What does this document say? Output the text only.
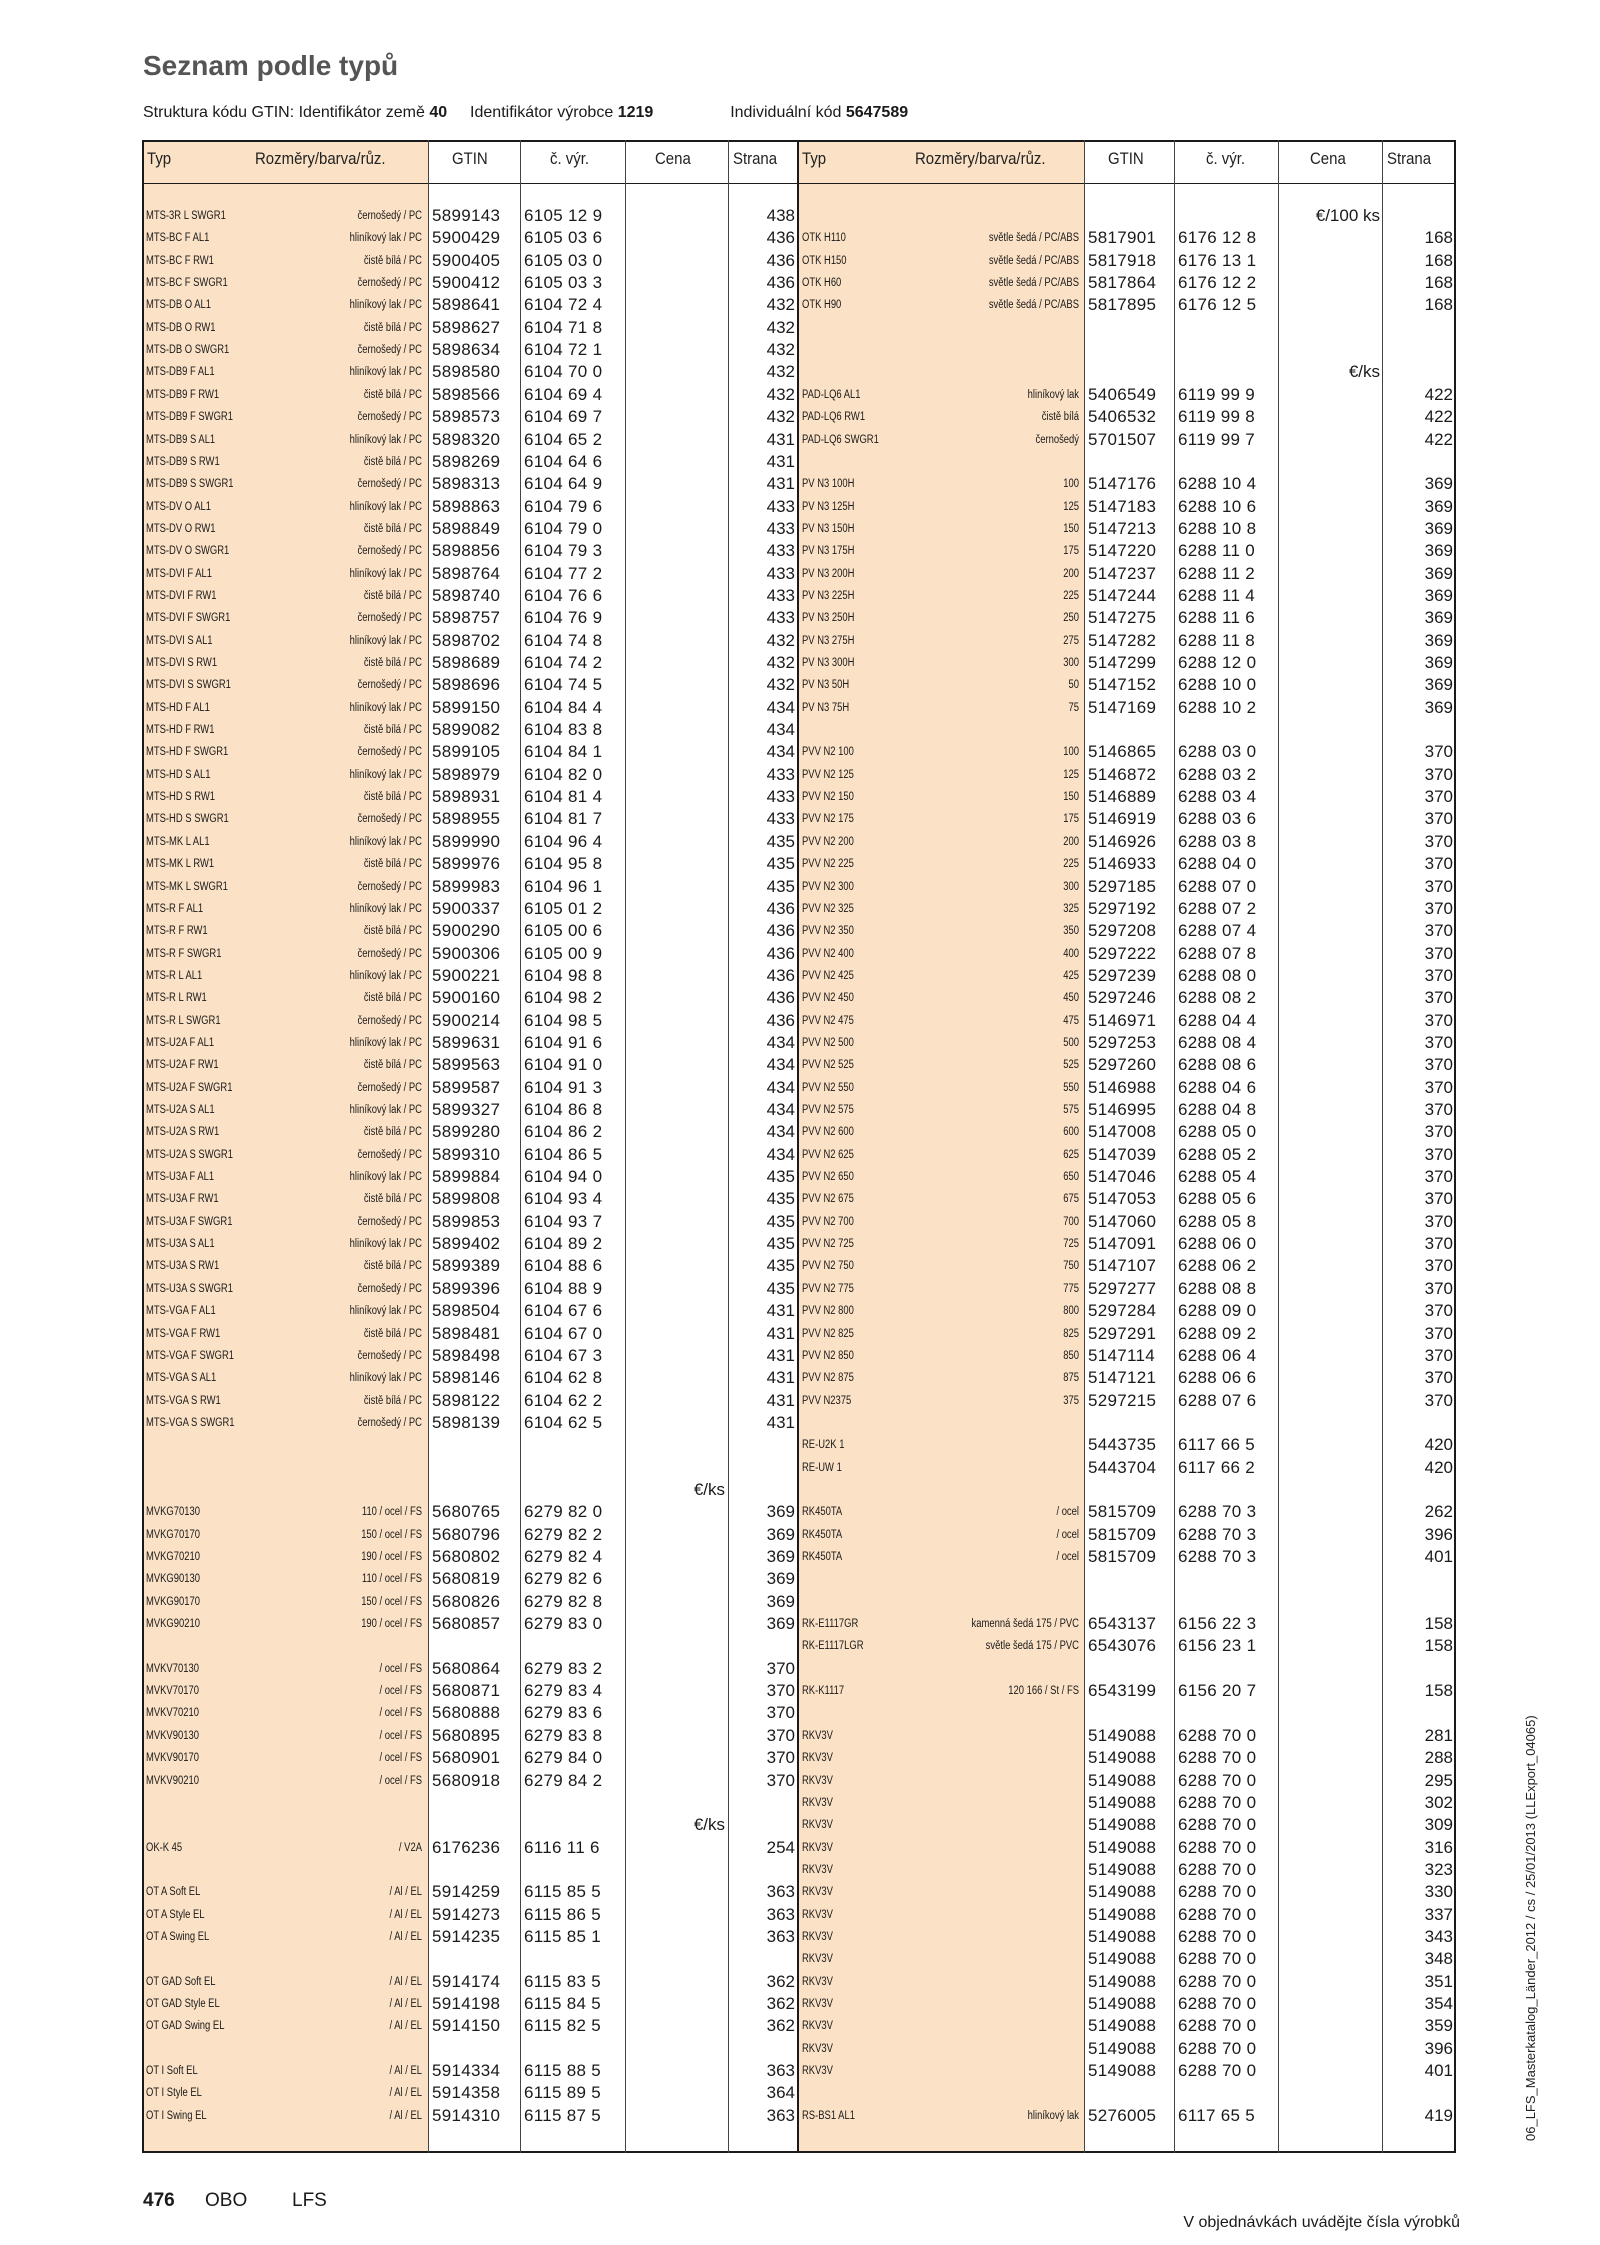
Seznam podle typů
Struktura kódu GTIN: Identifikátor země 40 Identifikátor výrobce 1219	Individuální kód 5647589
Typ	Rozměry/barva/růz.	GTIN	č. výr.	Cena Strana Typ	Rozměry/barva/růz.	GTIN	č. výr.	Cena Strana
MTS-3R L SWGR1	černošedý / PC 5899143	6105 12 9	438
MTS-BC F AL1	hliníkový lak / PC 5900429	6105 03 6	436
MTS-BC F RW1	čistě bílá / PC 5900405	6105 03 0	436
MTS-BC F SWGR1	černošedý / PC 5900412	6105 03 3	436
MTS-DB O AL1	hliníkový lak / PC 5898641	6104 72 4	432
MTS-DB O RW1	čistě bílá / PC 5898627	6104 71 8	432
MTS-DB O SWGR1	černošedý / PC 5898634	6104 72 1	432
MTS-DB9 F AL1	hliníkový lak / PC 5898580	6104 70 0	432
MTS-DB9 F RW1	čistě bílá / PC 5898566	6104 69 4	432
MTS-DB9 F SWGR1	černošedý / PC 5898573	6104 69 7	432
MTS-DB9 S AL1	hliníkový lak / PC 5898320	6104 65 2	431
MTS-DB9 S RW1	čistě bílá / PC 5898269	6104 64 6	431
MTS-DB9 S SWGR1	černošedý / PC 5898313	6104 64 9	431
MTS-DV O AL1	hliníkový lak / PC 5898863	6104 79 6	433
MTS-DV O RW1	čistě bílá / PC 5898849	6104 79 0	433
MTS-DV O SWGR1	černošedý / PC 5898856	6104 79 3	433
MTS-DVI F AL1	hliníkový lak / PC 5898764	6104 77 2	433
MTS-DVI F RW1	čistě bílá / PC 5898740	6104 76 6	433
MTS-DVI F SWGR1	černošedý / PC 5898757	6104 76 9	433
MTS-DVI S AL1	hliníkový lak / PC 5898702	6104 74 8	432
MTS-DVI S RW1	čistě bílá / PC 5898689	6104 74 2	432
MTS-DVI S SWGR1	černošedý / PC 5898696	6104 74 5	432
MTS-HD F AL1	hliníkový lak / PC 5899150	6104 84 4	434
MTS-HD F RW1	čistě bílá / PC 5899082	6104 83 8	434
MTS-HD F SWGR1	černošedý / PC 5899105	6104 84 1	434
MTS-HD S AL1	hliníkový lak / PC 5898979	6104 82 0	433
MTS-HD S RW1	čistě bílá / PC 5898931	6104 81 4	433
MTS-HD S SWGR1	černošedý / PC 5898955	6104 81 7	433
MTS-MK L AL1	hliníkový lak / PC 5899990	6104 96 4	435
MTS-MK L RW1	čistě bílá / PC 5899976	6104 95 8	435
MTS-MK L SWGR1	černošedý / PC 5899983	6104 96 1	435
MTS-R F AL1	hliníkový lak / PC 5900337	6105 01 2	436
MTS-R F RW1	čistě bílá / PC 5900290	6105 00 6	436
MTS-R F SWGR1	černošedý / PC 5900306	6105 00 9	436
MTS-R L AL1	hliníkový lak / PC 5900221	6104 98 8	436
MTS-R L RW1	čistě bílá / PC 5900160	6104 98 2	436
MTS-R L SWGR1	černošedý / PC 5900214	6104 98 5	436
MTS-U2A F AL1	hliníkový lak / PC 5899631	6104 91 6	434
MTS-U2A F RW1	čistě bílá / PC 5899563	6104 91 0	434
MTS-U2A F SWGR1	černošedý / PC 5899587	6104 91 3	434
MTS-U2A S AL1	hliníkový lak / PC 5899327	6104 86 8	434
MTS-U2A S RW1	čistě bílá / PC 5899280	6104 86 2	434
MTS-U2A S SWGR1	černošedý / PC 5899310	6104 86 5	434
MTS-U3A F AL1	hliníkový lak / PC 5899884	6104 94 0	435
MTS-U3A F RW1	čistě bílá / PC 5899808	6104 93 4	435
MTS-U3A F SWGR1	černošedý / PC 5899853	6104 93 7	435
MTS-U3A S AL1	hliníkový lak / PC 5899402	6104 89 2	435
MTS-U3A S RW1	čistě bílá / PC 5899389	6104 88 6	435
MTS-U3A S SWGR1	černošedý / PC 5899396	6104 88 9	435
MTS-VGA F AL1	hliníkový lak / PC 5898504	6104 67 6	431
MTS-VGA F RW1	čistě bílá / PC 5898481	6104 67 0	431
MTS-VGA F SWGR1	černošedý / PC 5898498	6104 67 3	431
MTS-VGA S AL1	hliníkový lak / PC 5898146	6104 62 8	431
MTS-VGA S RW1	čistě bílá / PC 5898122	6104 62 2	431
MTS-VGA S SWGR1	černošedý / PC 5898139	6104 62 5	431
€/ks
MVKG70130	110 / ocel / FS 5680765	6279 82 0	369
MVKG70170	150 / ocel / FS 5680796	6279 82 2	369
MVKG70210	190 / ocel / FS 5680802	6279 82 4	369
MVKG90130	110 / ocel / FS 5680819	6279 82 6	369
MVKG90170	150 / ocel / FS 5680826	6279 82 8	369
MVKG90210	190 / ocel / FS 5680857	6279 83 0	369
MVKV70130	/ ocel / FS 5680864	6279 83 2	370
MVKV70170	/ ocel / FS 5680871	6279 83 4	370
MVKV70210	/ ocel / FS 5680888	6279 83 6	370
MVKV90130	/ ocel / FS 5680895	6279 83 8	370
MVKV90170	/ ocel / FS 5680901	6279 84 0	370
MVKV90210	/ ocel / FS 5680918	6279 84 2	370
€/ks
OK-K 45	/ V2A 6176236	6116 11 6	254
OT A Soft EL	/ Al / EL 5914259	6115 85 5	363
OT A Style EL	/ Al / EL 5914273	6115 86 5	363
OT A Swing EL	/ Al / EL 5914235	6115 85 1	363
OT GAD Soft EL	/ Al / EL 5914174	6115 83 5	362
OT GAD Style EL	/ Al / EL 5914198	6115 84 5	362
OT GAD Swing EL	/ Al / EL 5914150	6115 82 5	362
OT I Soft EL	/ Al / EL 5914334	6115 88 5	363
OT I Style EL	/ Al / EL 5914358	6115 89 5	364
OT I Swing EL	/ Al / EL 5914310	6115 87 5	363
€/100 ks
OTK H110	světle šedá / PC/ABS 5817901	6176 12 8	168
OTK H150	světle šedá / PC/ABS 5817918	6176 13 1	168
OTK H60	světle šedá / PC/ABS 5817864	6176 12 2	168
OTK H90	světle šedá / PC/ABS 5817895	6176 12 5	168
€/ks
PAD-LQ6 AL1	hliníkový lak 5406549	6119 99 9	422
PAD-LQ6 RW1	čistě bílá 5406532	6119 99 8	422
PAD-LQ6 SWGR1	černošedý 5701507	6119 99 7	422
PV N3 100H	100 5147176	6288 10 4	369
PV N3 125H	125 5147183	6288 10 6	369
PV N3 150H	150 5147213	6288 10 8	369
PV N3 175H	175 5147220	6288 11 0	369
PV N3 200H	200 5147237	6288 11 2	369
PV N3 225H	225 5147244	6288 11 4	369
PV N3 250H	250 5147275	6288 11 6	369
PV N3 275H	275 5147282	6288 11 8	369
PV N3 300H	300 5147299	6288 12 0	369
PV N3 50H	50 5147152	6288 10 0	369
PV N3 75H	75 5147169	6288 10 2	369
PVV N2 100	100 5146865	6288 03 0	370
PVV N2 125	125 5146872	6288 03 2	370
PVV N2 150	150 5146889	6288 03 4	370
PVV N2 175	175 5146919	6288 03 6	370
PVV N2 200	200 5146926	6288 03 8	370
PVV N2 225	225 5146933	6288 04 0	370
PVV N2 300	300 5297185	6288 07 0	370
PVV N2 325	325 5297192	6288 07 2	370
PVV N2 350	350 5297208	6288 07 4	370
PVV N2 400	400 5297222	6288 07 8	370
PVV N2 425	425 5297239	6288 08 0	370
PVV N2 450	450 5297246	6288 08 2	370
PVV N2 475	475 5146971	6288 04 4	370
PVV N2 500	500 5297253	6288 08 4	370
PVV N2 525	525 5297260	6288 08 6	370
PVV N2 550	550 5146988	6288 04 6	370
PVV N2 575	575 5146995	6288 04 8	370
PVV N2 600	600 5147008	6288 05 0	370
PVV N2 625	625 5147039	6288 05 2	370
PVV N2 650	650 5147046	6288 05 4	370
PVV N2 675	675 5147053	6288 05 6	370
PVV N2 700	700 5147060	6288 05 8	370
PVV N2 725	725 5147091	6288 06 0	370
PVV N2 750	750 5147107	6288 06 2	370
PVV N2 775	775 5297277	6288 08 8	370
PVV N2 800	800 5297284	6288 09 0	370
PVV N2 825	825 5297291	6288 09 2	370
PVV N2 850	850 5147114	6288 06 4	370
PVV N2 875	875 5147121	6288 06 6	370
PVV N2375	375 5297215	6288 07 6	370
RE-U2K 1	5443735	6117 66 5	420
RE-UW 1	5443704	6117 66 2	420
RK450TA	/ ocel 5815709	6288 70 3	262
RK450TA	/ ocel 5815709	6288 70 3	396
RK450TA	/ ocel 5815709	6288 70 3	401
RK-E1117GR	kamenná šedá 175 / PVC 6543137	6156 22 3	158
RK-E1117LGR	světle šedá 175 / PVC 6543076	6156 23 1	158
RK-K1117	120 166 / St / FS 6543199	6156 20 7	158
RKV3V	5149088	6288 70 0	281
RKV3V	5149088	6288 70 0	288
RKV3V	5149088	6288 70 0	295
RKV3V	5149088	6288 70 0	302
RKV3V	5149088	6288 70 0	309
RKV3V	5149088	6288 70 0	316
RKV3V	5149088	6288 70 0	323
RKV3V	5149088	6288 70 0	330
RKV3V	5149088	6288 70 0	337
RKV3V	5149088	6288 70 0	343
RKV3V	5149088	6288 70 0	348
RKV3V	5149088	6288 70 0	351
RKV3V	5149088	6288 70 0	354
RKV3V	5149088	6288 70 0	359
RKV3V	5149088	6288 70 0	396
RKV3V	5149088	6288 70 0	401
RS-BS1 AL1	hliníkový lak 5276005	6117 65 5	419
476 OBO LFS
V objednávkách uvádějte čísla výrobků
06_LFS_Masterkatalog_Länder_2012 / cs / 25/01/2013 (LLExport_04065)
